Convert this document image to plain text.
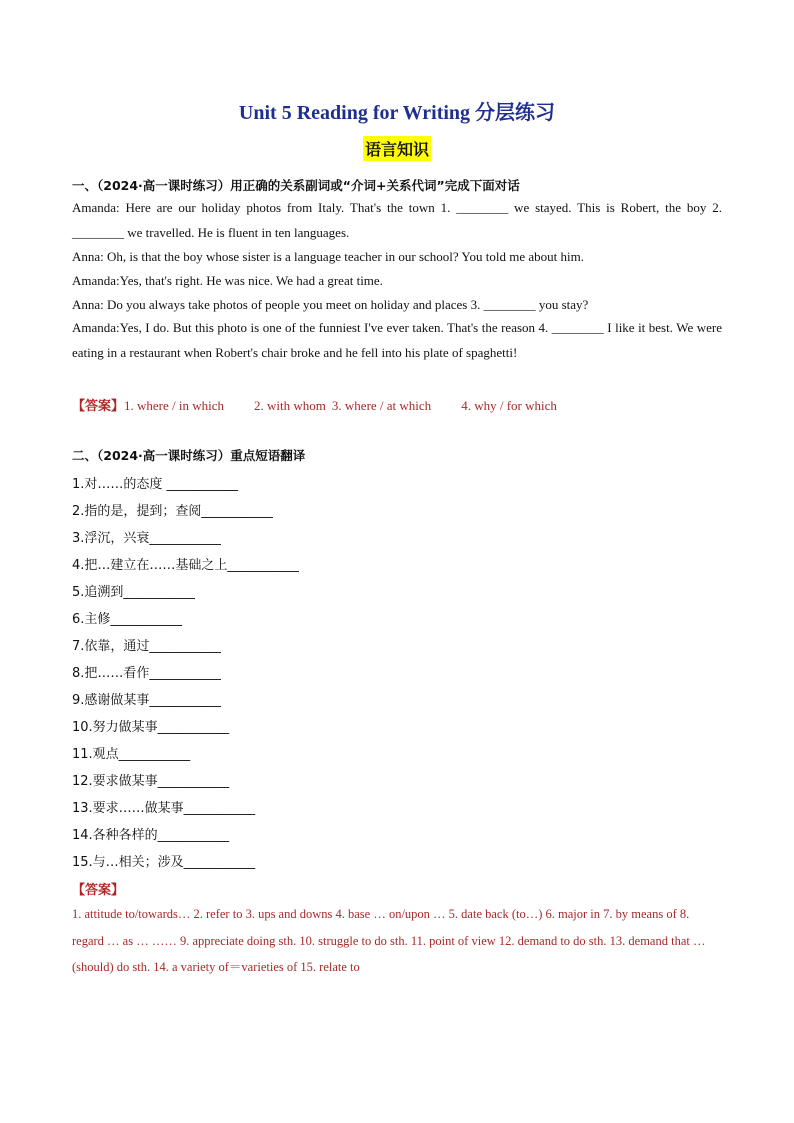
Unit 5 Reading for Writing 分层练习
语言知识
一、（2024·高一课时练习）用正确的关系副词或“介词+关系代词”完成下面对话
Amanda: Here are our holiday photos from Italy. That's the town 1. ________ we stayed. This is Robert, the boy 2. ________ we travelled. He is fluent in ten languages.
Anna: Oh, is that the boy whose sister is a language teacher in our school? You told me about him.
Amanda:Yes, that's right. He was nice. We had a great time.
Anna: Do you always take photos of people you meet on holiday and places 3. ________ you stay?
Amanda:Yes, I do. But this photo is one of the funniest I've ever taken. That's the reason 4. ________ I like it best. We were eating in a restaurant when Robert's chair broke and he fell into his plate of spaghetti!
【答案】1. where / in which 2. with whom 3. where / at which 4. why / for which
二、（2024·高一课时练习）重点短语翻译
1.对……的态度 ___________
2.指的是，提到；查阅___________
3.浮沉，兴衰___________
4.把…建立在……基础之上___________
5.追溯到___________
6.主修___________
7.依靠，通过___________
8.把……看作___________
9.感谢做某事___________
10.努力做某事___________
11.观点___________
12.要求做某事___________
13.要求……做某事___________
14.各种各样的___________
15.与…相关；涉及___________
【答案】
1. attitude to/towards… 2. refer to 3. ups and downs 4. base … on/upon … 5. date back (to…) 6. major in 7. by means of 8. regard … as … …… 9. appreciate doing sth. 10. struggle to do sth. 11. point of view 12. demand to do sth. 13. demand that … (should) do sth. 14. a variety of＝varieties of 15. relate to
